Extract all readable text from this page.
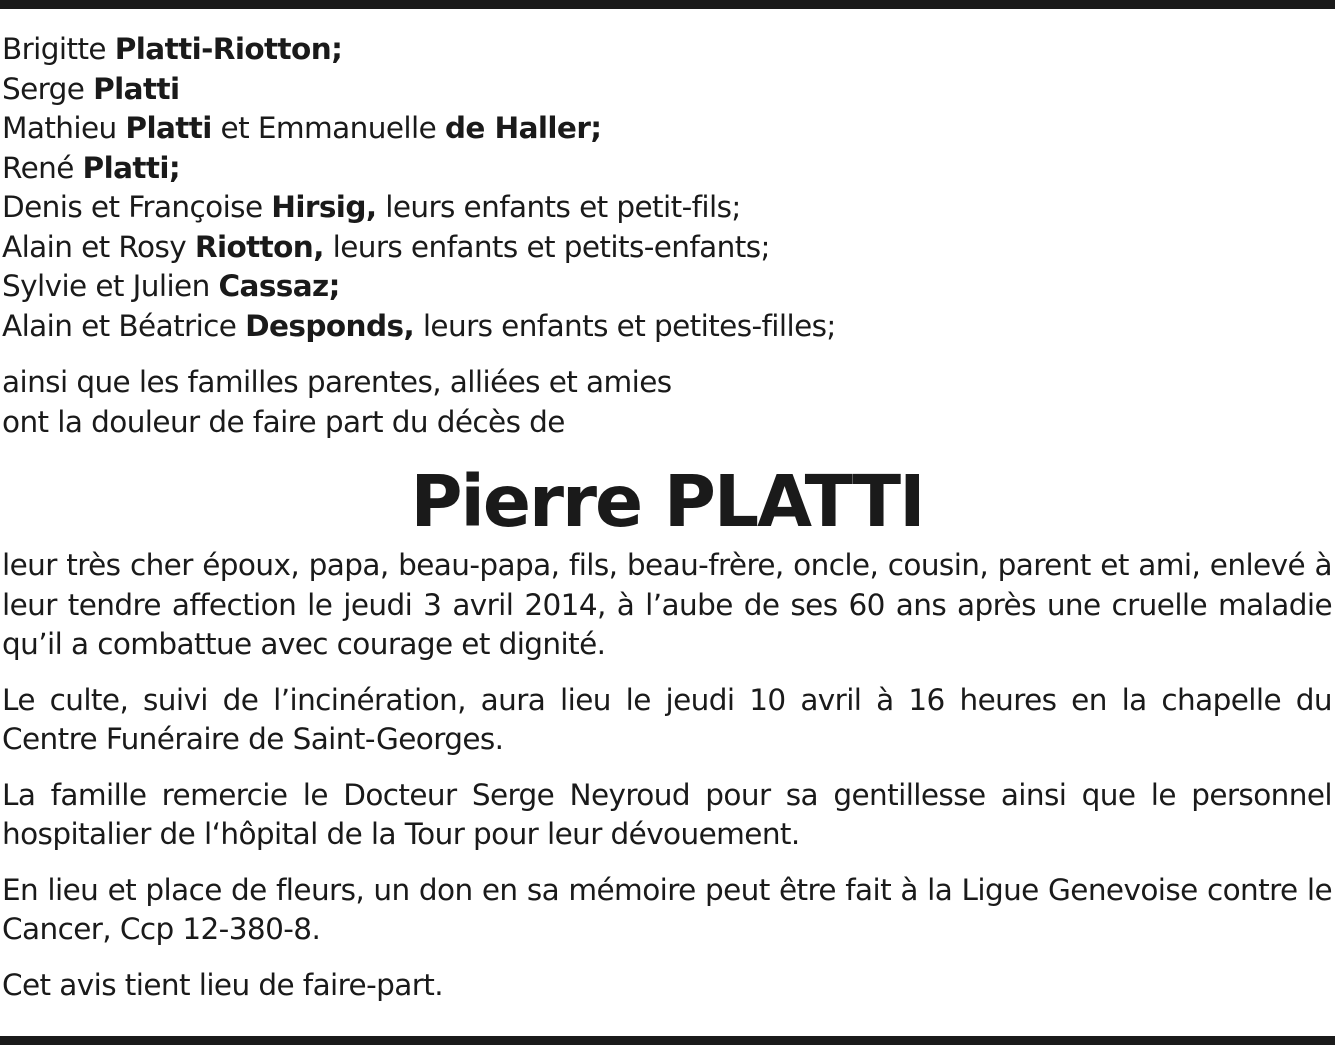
Brigitte Platti-Riotton;
Serge Platti
Mathieu Platti et Emmanuelle de Haller;
René Platti;
Denis et Françoise Hirsig, leurs enfants et petit-fils;
Alain et Rosy Riotton, leurs enfants et petits-enfants;
Sylvie et Julien Cassaz;
Alain et Béatrice Desponds, leurs enfants et petites-filles;
ainsi que les familles parentes, alliées et amies
ont la douleur de faire part du décès de
Pierre PLATTI

leur très cher époux, papa, beau-papa, fils, beau-frère, oncle, cousin, parent et ami, enlevé à leur tendre affection le jeudi 3 avril 2014, à l’aube de ses 60 ans après une cruelle maladie qu’il a combattue avec courage et dignité.

Le culte, suivi de l’incinération, aura lieu le jeudi 10 avril à 16 heures en la chapelle du Centre Funéraire de Saint-Georges.

La famille remercie le Docteur Serge Neyroud pour sa gentillesse ainsi que le personnel hospitalier de l‘hôpital de la Tour pour leur dévouement.

En lieu et place de fleurs, un don en sa mémoire peut être fait à la Ligue Genevoise contre le Cancer, Ccp 12-380-8.

Cet avis tient lieu de faire-part.
